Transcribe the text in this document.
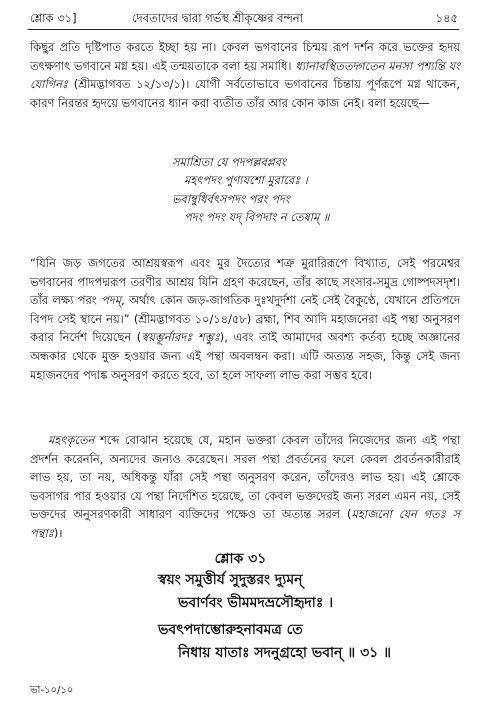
শ্লোক ৩১]	দেবতাদের দ্বারা গর্ভস্থ শ্রীকৃষ্ণের বন্দনা	১৪৫

কিছুর প্রতি দৃষ্টিপাত করতে ইচ্ছা হয় না। কেবল ভগবানের চিন্ময় রূপ দর্শন করে ভক্তের হৃদয় তৎক্ষণাৎ ভগবানে মগ্ন হয়। এই তন্ময়তাকে বলা হয় সমাধি। ধ্যানাবস্থিততদ্গতেন মনসা পশ্যন্তি যং যোগিনঃ (শ্রীমদ্ভাগবত ১২/১৩/১)। যোগী সর্বতোভাবে ভগবানের চিন্তায় পূর্ণরূপে মগ্ন থাকেন, কারণ নিরন্তর হৃদয়ে ভগবানের ধ্যান করা ব্যতীত তাঁর আর কোন কাজ নেই। বলা হয়েছে—

সমাশ্রিতা যে পদপল্লবপ্লবং
মহৎপদং পুণ্যযশো মুরারেঃ ।
ভবাম্বুধির্বৎসপদং পরং পদং
পদং পদং যদ্ বিপদাং ন তেষাম্ ॥

“যিনি জড় জগতের আশ্রয়স্বরূপ এবং মুর দৈত্যের শত্রু মুরারিরূপে বিখ্যাত, সেই পরমেশ্বর ভগবানের পাদপদ্মরূপ তরণীর আশ্রয় যিনি গ্রহণ করেছেন, তাঁর কাছে সংসার-সমুদ্র গোষ্পদসদৃশ। তাঁর লক্ষ্য পরং পদম্, অর্থাৎ কোন জড়-জাগতিক দুঃখদুর্দশা নেই সেই বৈকুণ্ঠে, যেখানে প্রতিপদে বিপদ সেই স্থানে নয়।” (শ্রীমদ্ভাগবত ১০/১৪/৫৮) ব্রহ্মা, শিব আদি মহাজনেরা এই পন্থা অনুসরণ করার নির্দেশ দিয়েছেন (স্বয়ম্ভূর্নারদঃ শম্ভুঃ), এবং তাই আমাদের অবশ্য কর্তব্য হচ্ছে অজ্ঞানের অন্ধকার থেকে মুক্ত হওয়ার জন্য এই পন্থা অবলম্বন করা। এটি অত্যন্ত সহজ, কিন্তু সেই জন্য মহাজনদের পদাঙ্ক অনুসরণ করতে হবে, তা হলে সাফল্য লাভ করা সম্ভব হবে।

মহৎকৃতেন শব্দে বোঝান হয়েছে যে, মহান ভক্তরা কেবল তাঁদের নিজেদের জন্য এই পন্থা প্রদর্শন করেননি, অন্যদের জন্যও করেছেন। সরল পন্থা প্রবর্তনের ফলে কেবল প্রবর্তনকারীরাই লাভ হয়, তা নয়, অধিকন্তু যাঁরা সেই পন্থা অনুসরণ করেন, তাঁদেরও লাভ হয়। এই শ্লোকে ভবসাগর পার হওয়ার যে পন্থা নির্দেশিত হয়েছে, তা কেবল ভক্তদেরই জন্য সরল এমন নয়, সেই ভক্তদের অনুসরণকারী সাধারণ ব্যক্তিদের পক্ষেও তা অত্যন্ত সরল (মহাজনো যেন গতঃ স পন্থাঃ)।

শ্লোক ৩১
স্বয়ং সমুত্তীর্য সুদুস্তরং দ্যুমন্
ভবার্ণবং ভীমমদভ্রসৌহৃদাঃ ।
ভবৎপদাম্ভোরুহনাবমত্র তে
নিধায় যাতাঃ সদনুগ্রহো ভবান্ ॥ ৩১ ॥
ভা-১০/১০
